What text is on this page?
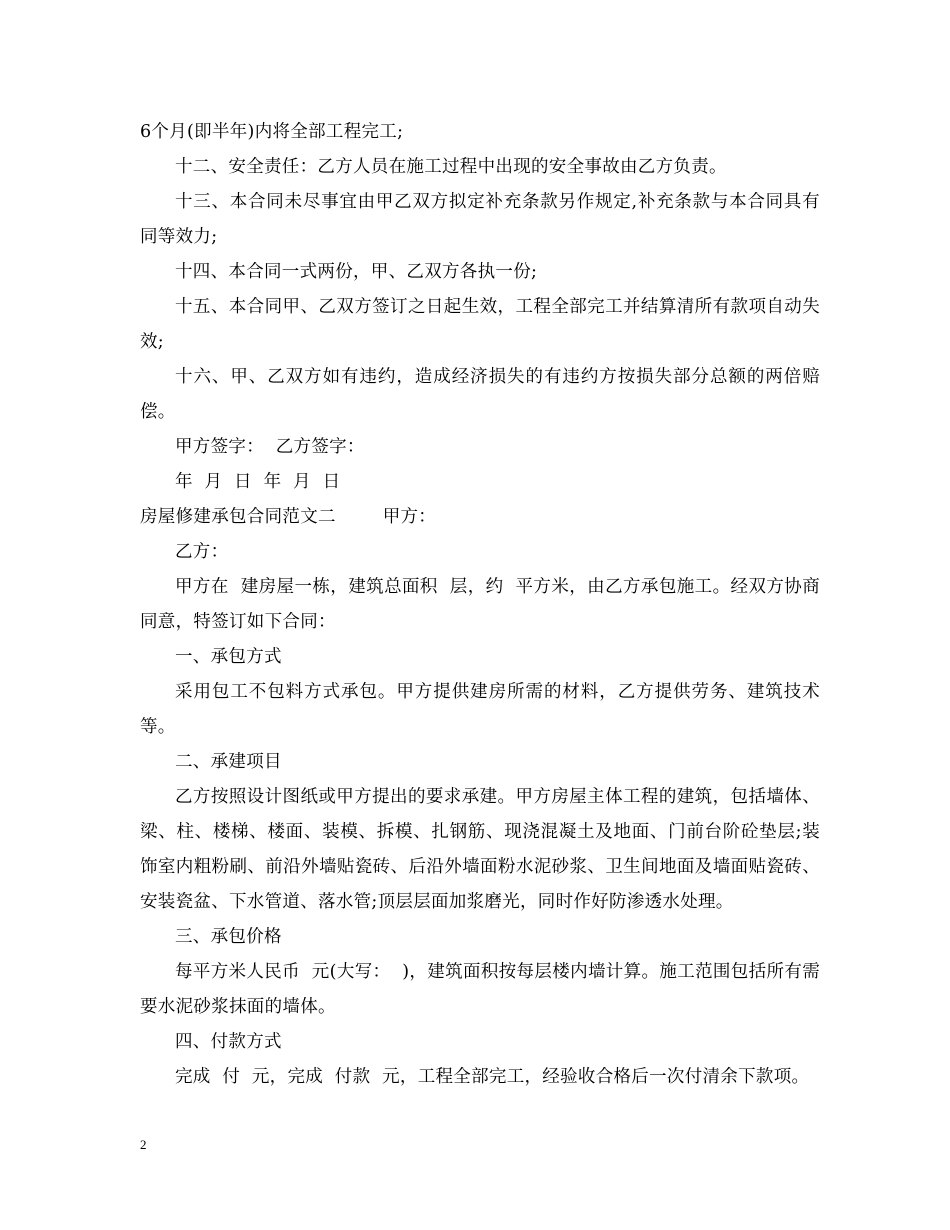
6个月(即半年)内将全部工程完工;

十二、安全责任：乙方人员在施工过程中出现的安全事故由乙方负责。

十三、本合同未尽事宜由甲乙双方拟定补充条款另作规定,补充条款与本合同具有同等效力;

十四、本合同一式两份，甲、乙双方各执一份;

十五、本合同甲、乙双方签订之日起生效，工程全部完工并结算清所有款项自动失效;

十六、甲、乙双方如有违约，造成经济损失的有违约方按损失部分总额的两倍赔偿。

甲方签字：  乙方签字：

年  月  日  年  月  日

房屋修建承包合同范文二        甲方：

乙方：

甲方在  建房屋一栋，建筑总面积  层，约  平方米，由乙方承包施工。经双方协商同意，特签订如下合同：

一、承包方式

采用包工不包料方式承包。甲方提供建房所需的材料，乙方提供劳务、建筑技术等。

二、承建项目

乙方按照设计图纸或甲方提出的要求承建。甲方房屋主体工程的建筑，包括墙体、梁、柱、楼梯、楼面、装模、拆模、扎钢筋、现浇混凝土及地面、门前台阶砼垫层;装饰室内粗粉刷、前沿外墙贴瓷砖、后沿外墙面粉水泥砂浆、卫生间地面及墙面贴瓷砖、安装瓷盆、下水管道、落水管;顶层层面加浆磨光，同时作好防渗透水处理。

三、承包价格

每平方米人民币  元(大写：  )，建筑面积按每层楼内墙计算。施工范围包括所有需要水泥砂浆抹面的墙体。

四、付款方式

完成  付  元，完成  付款  元，工程全部完工，经验收合格后一次付清余下款项。

2
